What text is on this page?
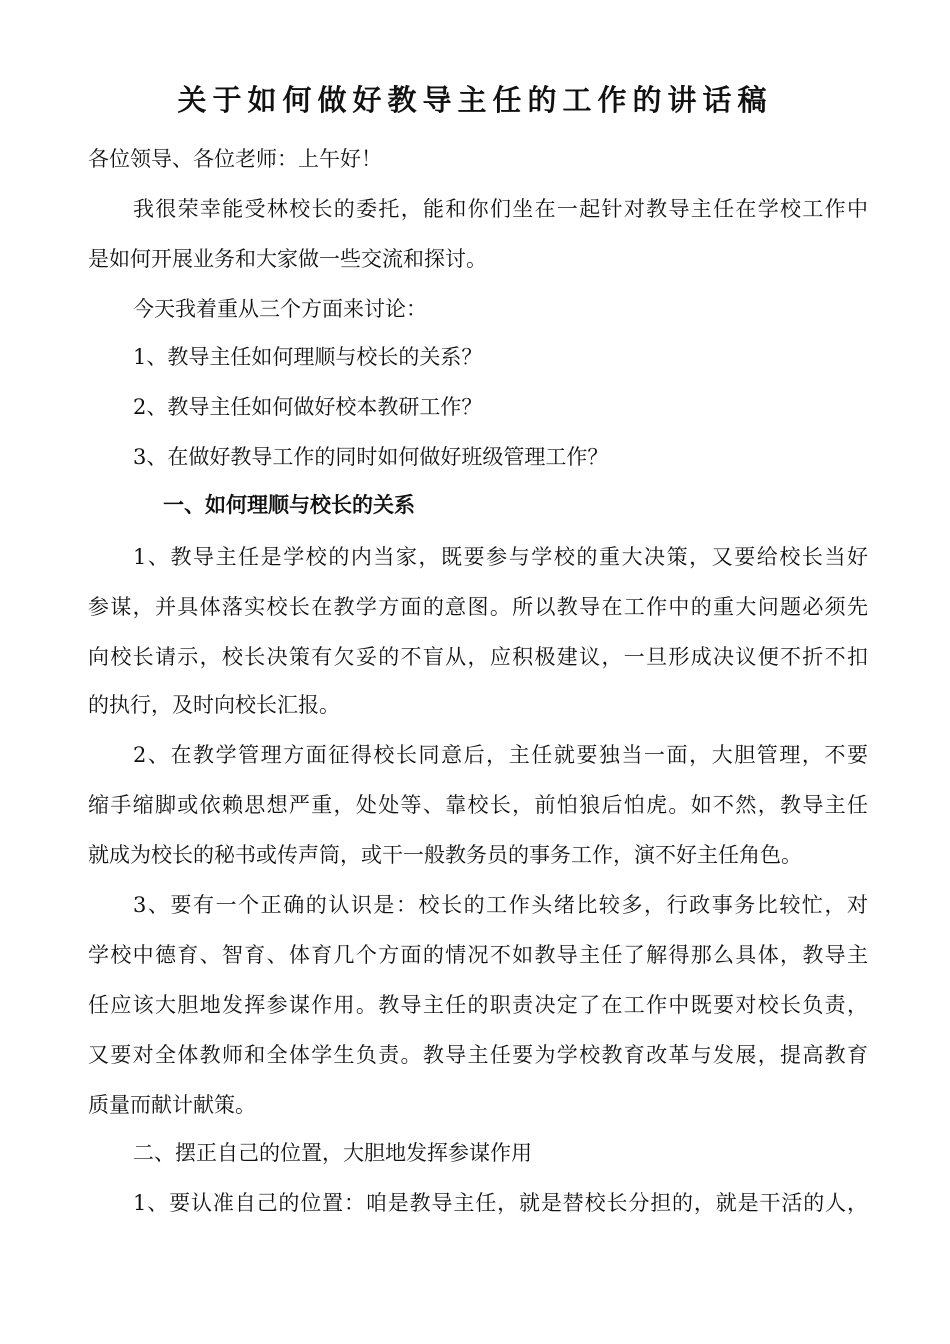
关于如何做好教导主任的工作的讲话稿
各位领导、各位老师：上午好！
我很荣幸能受林校长的委托，能和你们坐在一起针对教导主任在学校工作中
是如何开展业务和大家做一些交流和探讨。
今天我着重从三个方面来讨论：
1、教导主任如何理顺与校长的关系？
2、教导主任如何做好校本教研工作？
3、在做好教导工作的同时如何做好班级管理工作？
一、如何理顺与校长的关系
1、教导主任是学校的内当家，既要参与学校的重大决策，又要给校长当好
参谋，并具体落实校长在教学方面的意图。所以教导在工作中的重大问题必须先
向校长请示，校长决策有欠妥的不盲从，应积极建议，一旦形成决议便不折不扣
的执行，及时向校长汇报。
2、在教学管理方面征得校长同意后，主任就要独当一面，大胆管理，不要
缩手缩脚或依赖思想严重，处处等、靠校长，前怕狼后怕虎。如不然，教导主任
就成为校长的秘书或传声筒，或干一般教务员的事务工作，演不好主任角色。
3、要有一个正确的认识是：校长的工作头绪比较多，行政事务比较忙，对
学校中德育、智育、体育几个方面的情况不如教导主任了解得那么具体，教导主
任应该大胆地发挥参谋作用。教导主任的职责决定了在工作中既要对校长负责，
又要对全体教师和全体学生负责。教导主任要为学校教育改革与发展，提高教育
质量而献计献策。
二、摆正自己的位置，大胆地发挥参谋作用
1、要认准自己的位置：咱是教导主任，就是替校长分担的，就是干活的人，
